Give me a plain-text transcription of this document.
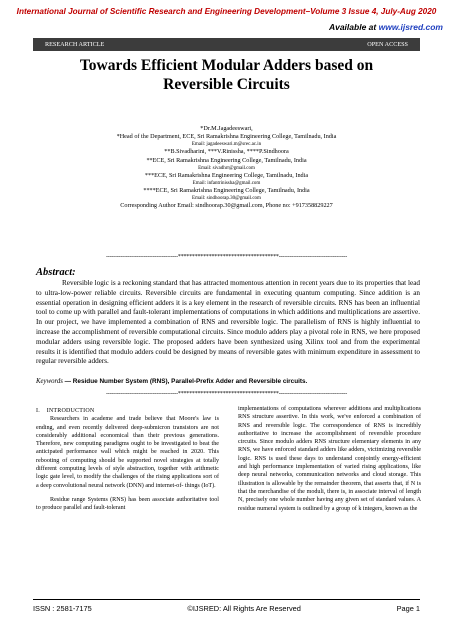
International Journal of Scientific Research and Engineering Development–Volume 3 Issue 4, July-Aug 2020
Available at www.ijsred.com
RESEARCH ARTICLE	OPEN ACCESS
Towards Efficient Modular Adders based on
Reversible Circuits
*Dr.M.Jagadeeswari,
*Head of the Department, ECE, Sri Ramakrishna Engineering College, Tamilnadu, India
Email: jagadeeswari.m@srec.ac.in
**B.Sivadharini, ***V.Rinissha, ****P.Sindhoora
**ECE, Sri Ramakrishna Engineering College, Tamilnadu, India
Email: sivadhrr@gmail.com
***ECE, Sri Ramakrishna Engineering College, Tamilnadu, India
Email: infantrinissha@gmail.com
****ECE, Sri Ramakrishna Engineering College, Tamilnadu, India
Email: sindhoorap.30@gmail.com
Corresponding Author Email: sindhoorap.30@gmail.com, Phone no: +917358829227
----------------------------------------************************************--------------------------------------
Abstract:

Reversible logic is a reckoning standard that has attracted momentous attention in recent years due to its properties that lead to ultra-low-power reliable circuits. Reversible circuits are fundamental in executing quantum computing. Since addition is an essential operation in designing efficient adders it is a key element in the research of reversible circuits. RNS has been an influential tool to come up with parallel and fault-tolerant implementations of computations in which additions and multiplications are assertive. In our project, we have implemented a combination of RNS and reversible logic. The parallelism of RNS is highly influential to increase the accomplishment of reversible computational circuits. Since modulo adders play a pivotal role in RNS, we here proposed modular adders using reversible logic. The proposed adders have been synthesized using Xilinx tool and from the experimental results it is identified that modulo adders could be designed by means of reversible gates with minimum expenditure in assessment to regular reversible adders.

Keywords — Residue Number System (RNS), Parallel-Prefix Adder and Reversible circuits.
----------------------------------------************************************--------------------------------------

I.    INTRODUCTION

Researchers in academe and trade believe that Moore's law is ending, and even recently delivered deep-submicron transistors are not considerably additional economical than their previous generations. Therefore, new computing paradigms ought to be investigated to beat the anticipated performance wall which might be reached in 2020. This rebooting of computing should be supported novel strategies at totally different computing levels of style abstraction, together with arithmetic logic gate level, to modify the challenges of the rising applications sort of a deep convolutional neural network (DNN) and internet-of- things (IoT).

Residue range Systems (RNS) has been associate authoritative tool to produce parallel and fault-tolerant

implementations of computations wherever additions and multiplications RNS structure assertive. In this work, we've enforced a combination of RNS and reversible logic. The correspondence of RNS is incredibly authoritative to increase the accomplishment of reversible procedure circuits. Since modulo adders RNS structure elementary elements in any RNS, we have enforced standard adders like adders, victimizing reversible logic. RNS is used these days to understand conjointly energy-efficient and high performance implementation of varied rising applications, like deep neural networks, communication networks and cloud storage. This illustration is allowable by the remainder theorem, that asserts that, if N is that the merchandise of the moduli, there is, in associate interval of length N, precisely one whole number having any given set of standard values. A residue numeral system is outlined by a group of k integers, known as the

ISSN : 2581-7175	©IJSRED: All Rights Are Reserved	Page 1
